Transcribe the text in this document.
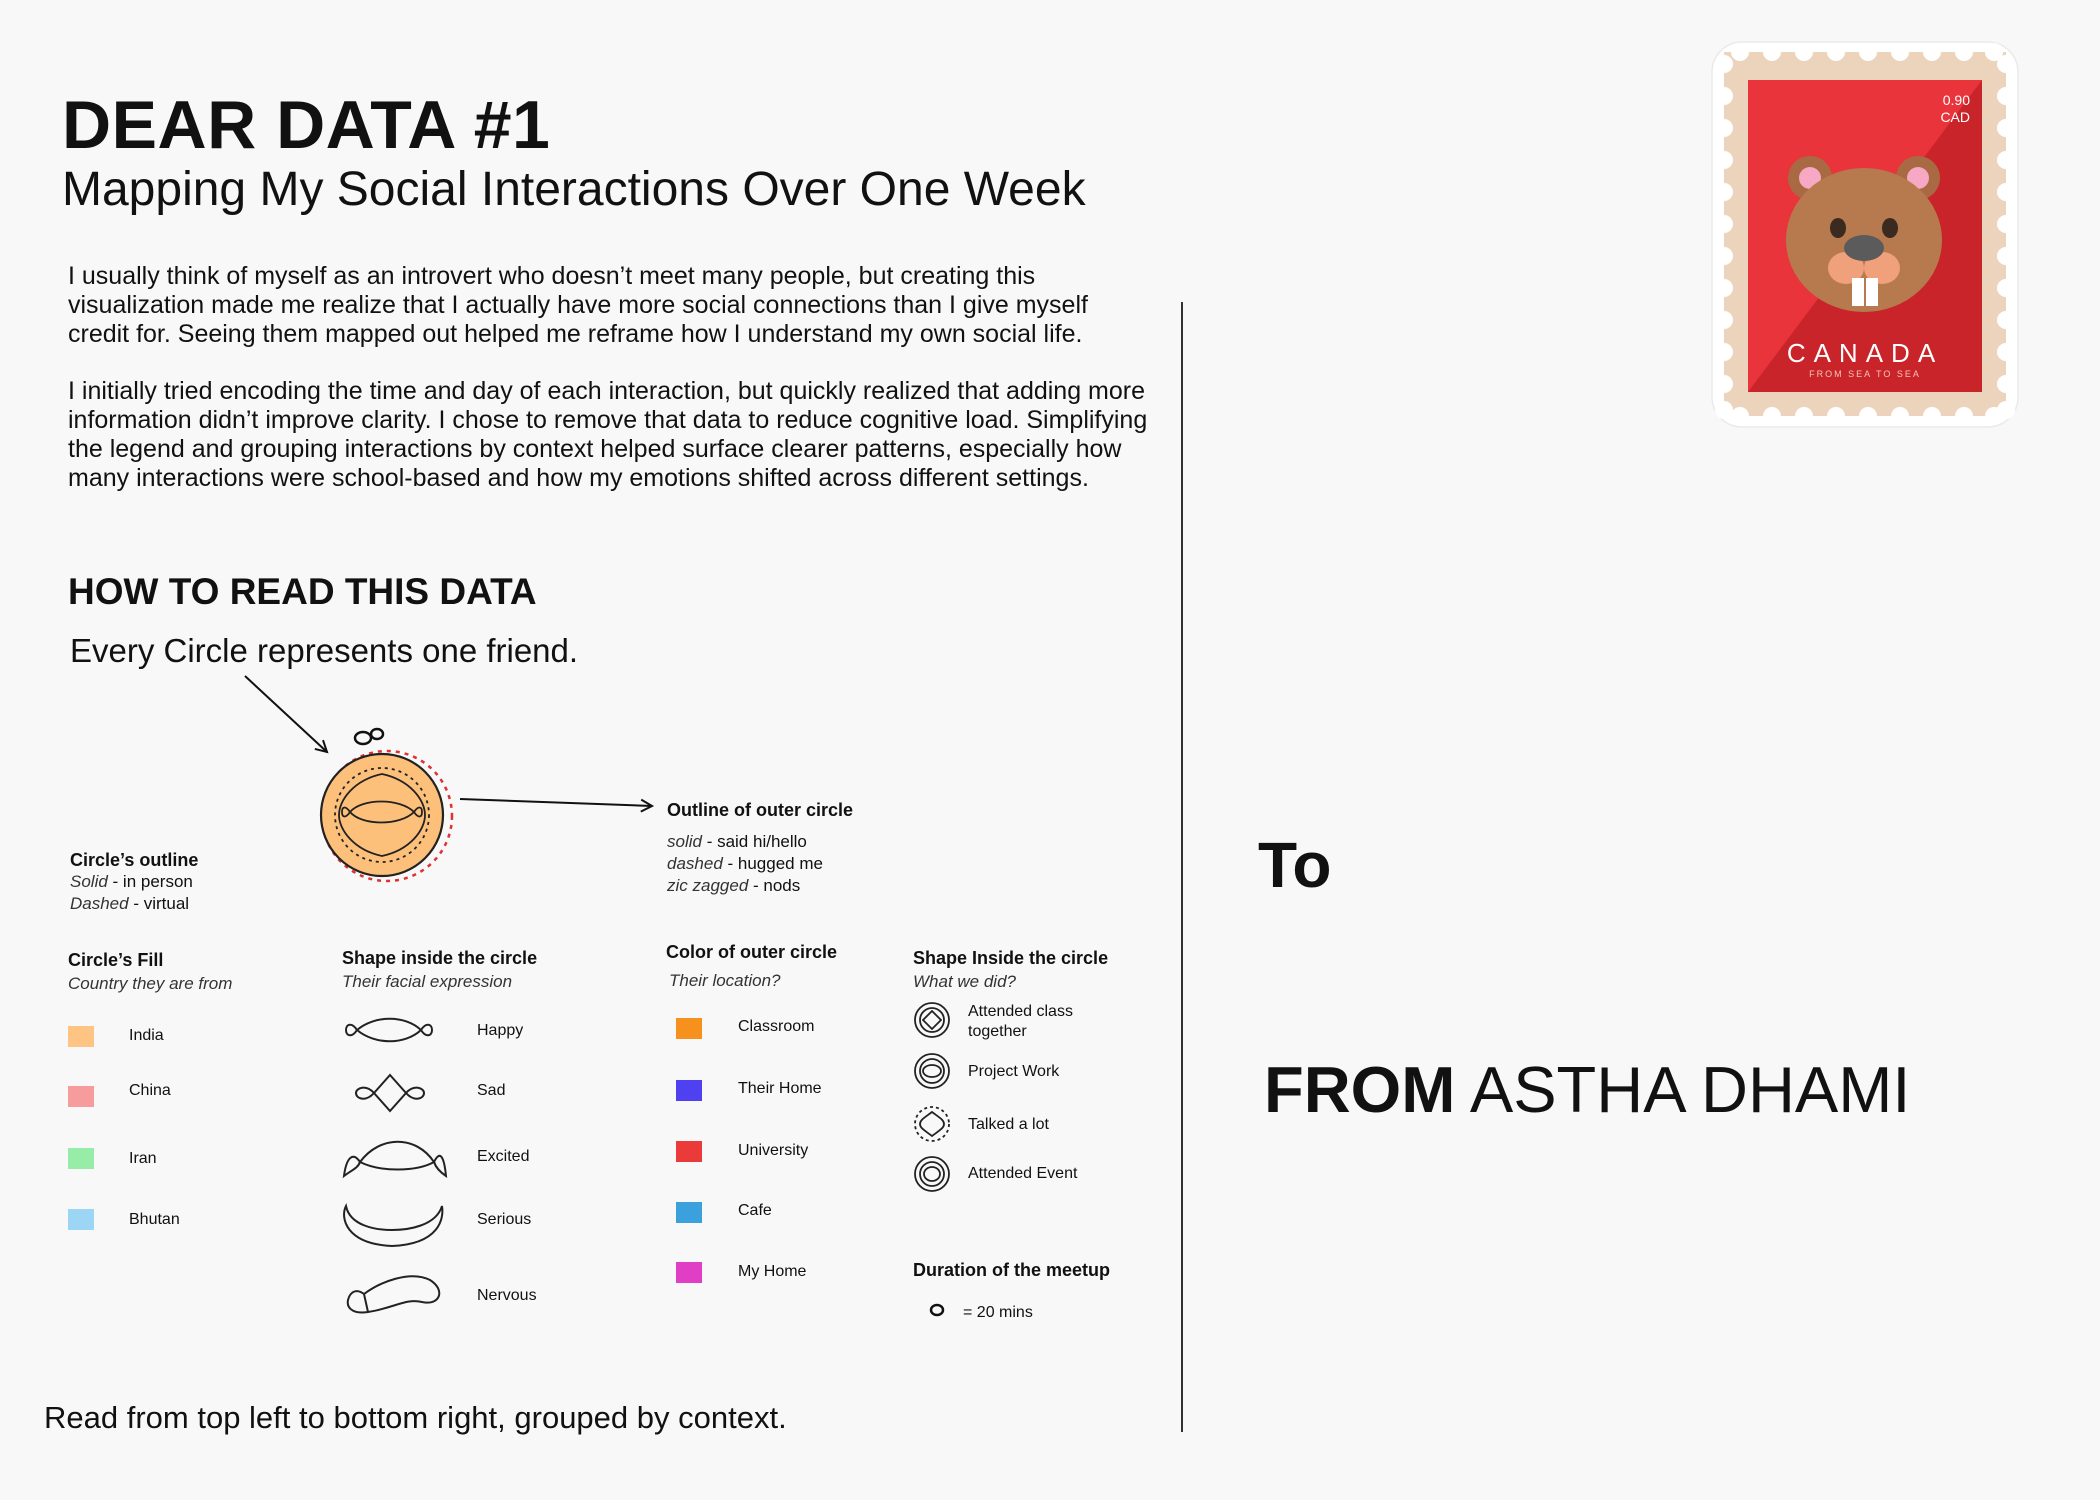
DEAR DATA #1
Mapping My Social Interactions Over One Week
I usually think of myself as an introvert who doesn’t meet many people, but creating this visualization made me realize that I actually have more social connections than I give myself credit for. Seeing them mapped out helped me reframe how I understand my own social life.
I initially tried encoding the time and day of each interaction, but quickly realized that adding more information didn’t improve clarity. I chose to remove that data to reduce cognitive load. Simplifying the legend and grouping interactions by context helped surface clearer patterns, especially how many interactions were school-based and how my emotions shifted across different settings.
HOW TO READ THIS DATA
Every Circle represents one friend.
0.90
CAD
CANADA
FROM SEA TO SEA
Circle’s outline
Solid - in person
Dashed - virtual
Outline of outer circle
solid - said hi/hello
dashed - hugged me
zic zagged - nods
Circle’s Fill
Country they are from
India
China
Iran
Bhutan
Shape inside the circle
Their facial expression
Happy
Sad
Excited
Serious
Nervous
Color of outer circle
Their location?
Classroom
Their Home
University
Cafe
My Home
Shape Inside the circle
What we did?
Attended class together
Project Work
Talked a lot
Attended Event
Duration of the meetup
= 20 mins
To
FROM ASTHA DHAMI
Read from top left to bottom right, grouped by context.
